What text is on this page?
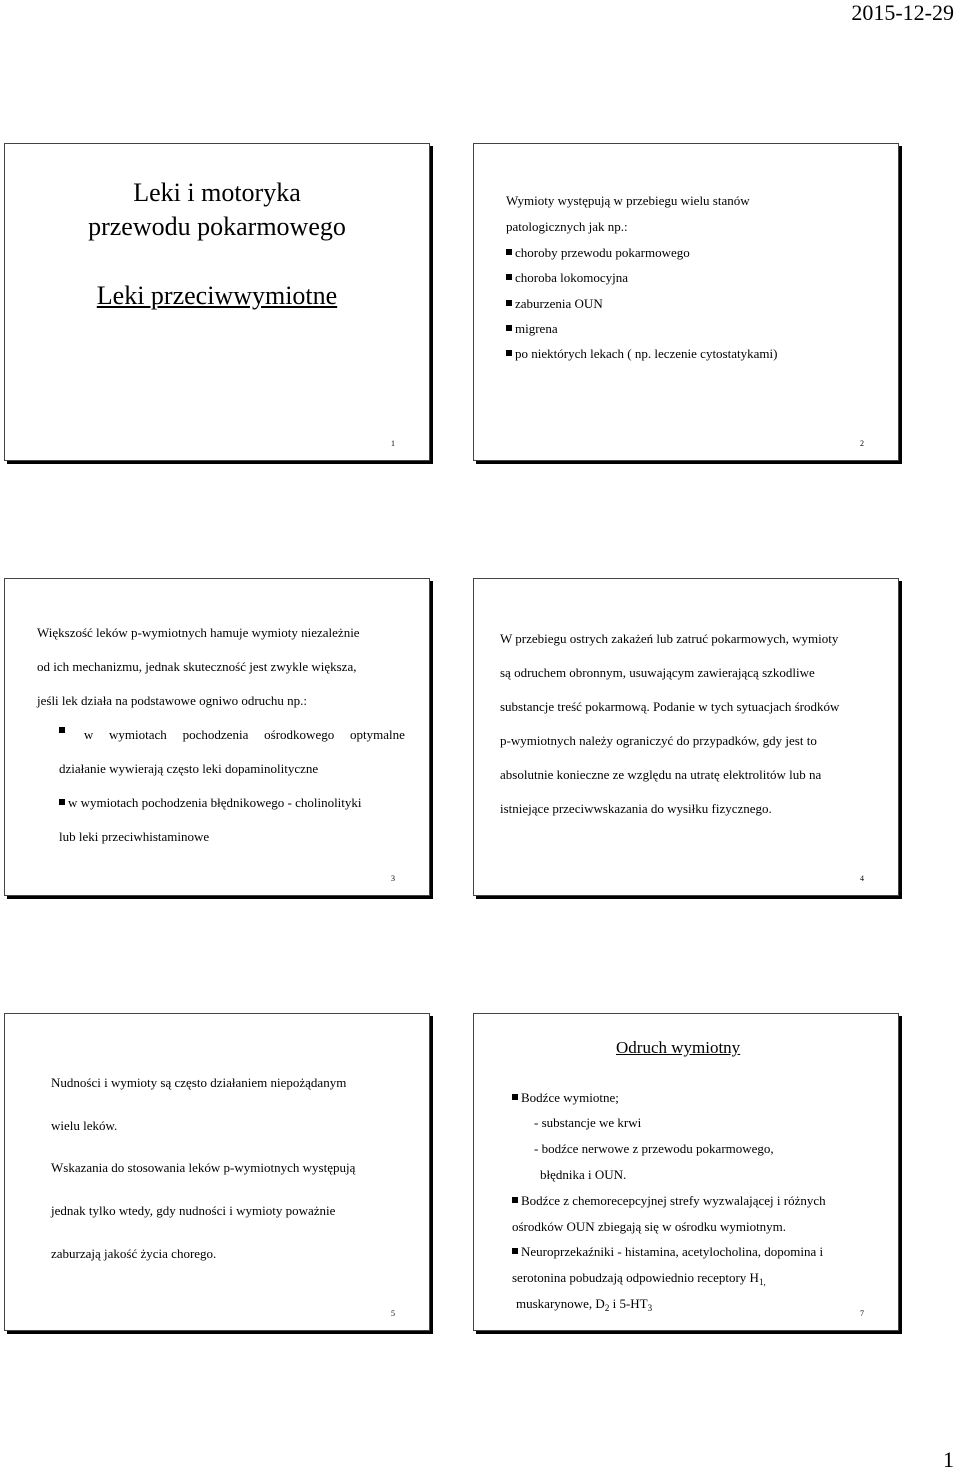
2015-12-29
Leki i motoryka
przewodu pokarmowego
Leki przeciwwymiotne
1
Wymioty występują w przebiegu wielu stanów
patologicznych jak np.:
choroby przewodu pokarmowego
choroba lokomocyjna
zaburzenia OUN
migrena
po niektórych lekach ( np. leczenie cytostatykami)
2
Większość leków p-wymiotnych hamuje wymioty niezależnie
od ich mechanizmu, jednak skuteczność jest zwykle większa,
jeśli lek działa na podstawowe ogniwo odruchu np.:
w wymiotach pochodzenia ośrodkowego optymalne
działanie wywierają często leki dopaminolityczne
w wymiotach pochodzenia błędnikowego - cholinolityki
lub leki przeciwhistaminowe
3
W przebiegu ostrych zakażeń lub zatruć pokarmowych, wymioty
są odruchem obronnym, usuwającym zawierającą szkodliwe
substancje treść pokarmową. Podanie w tych sytuacjach środków
p-wymiotnych należy ograniczyć do przypadków, gdy jest to
absolutnie konieczne ze względu na utratę elektrolitów lub na
istniejące przeciwwskazania do wysiłku fizycznego.
4
Nudności i wymioty są często działaniem niepożądanym
wielu leków.
Wskazania do stosowania leków p-wymiotnych występują
jednak tylko wtedy, gdy nudności i wymioty poważnie
zaburzają jakość życia chorego.
5
Odruch wymiotny
Bodźce wymiotne;
- substancje we krwi
- bodźce nerwowe z przewodu pokarmowego,
błędnika i OUN.
Bodźce z chemorecepcyjnej strefy wyzwalającej i różnych
ośrodków OUN zbiegają się w ośrodku wymiotnym.
Neuroprzekaźniki - histamina, acetylocholina, dopomina i
serotonina pobudzają odpowiednio receptory $H_{1,}$
muskarynowe, $D_2$ i $5-HT_3$
7
1
